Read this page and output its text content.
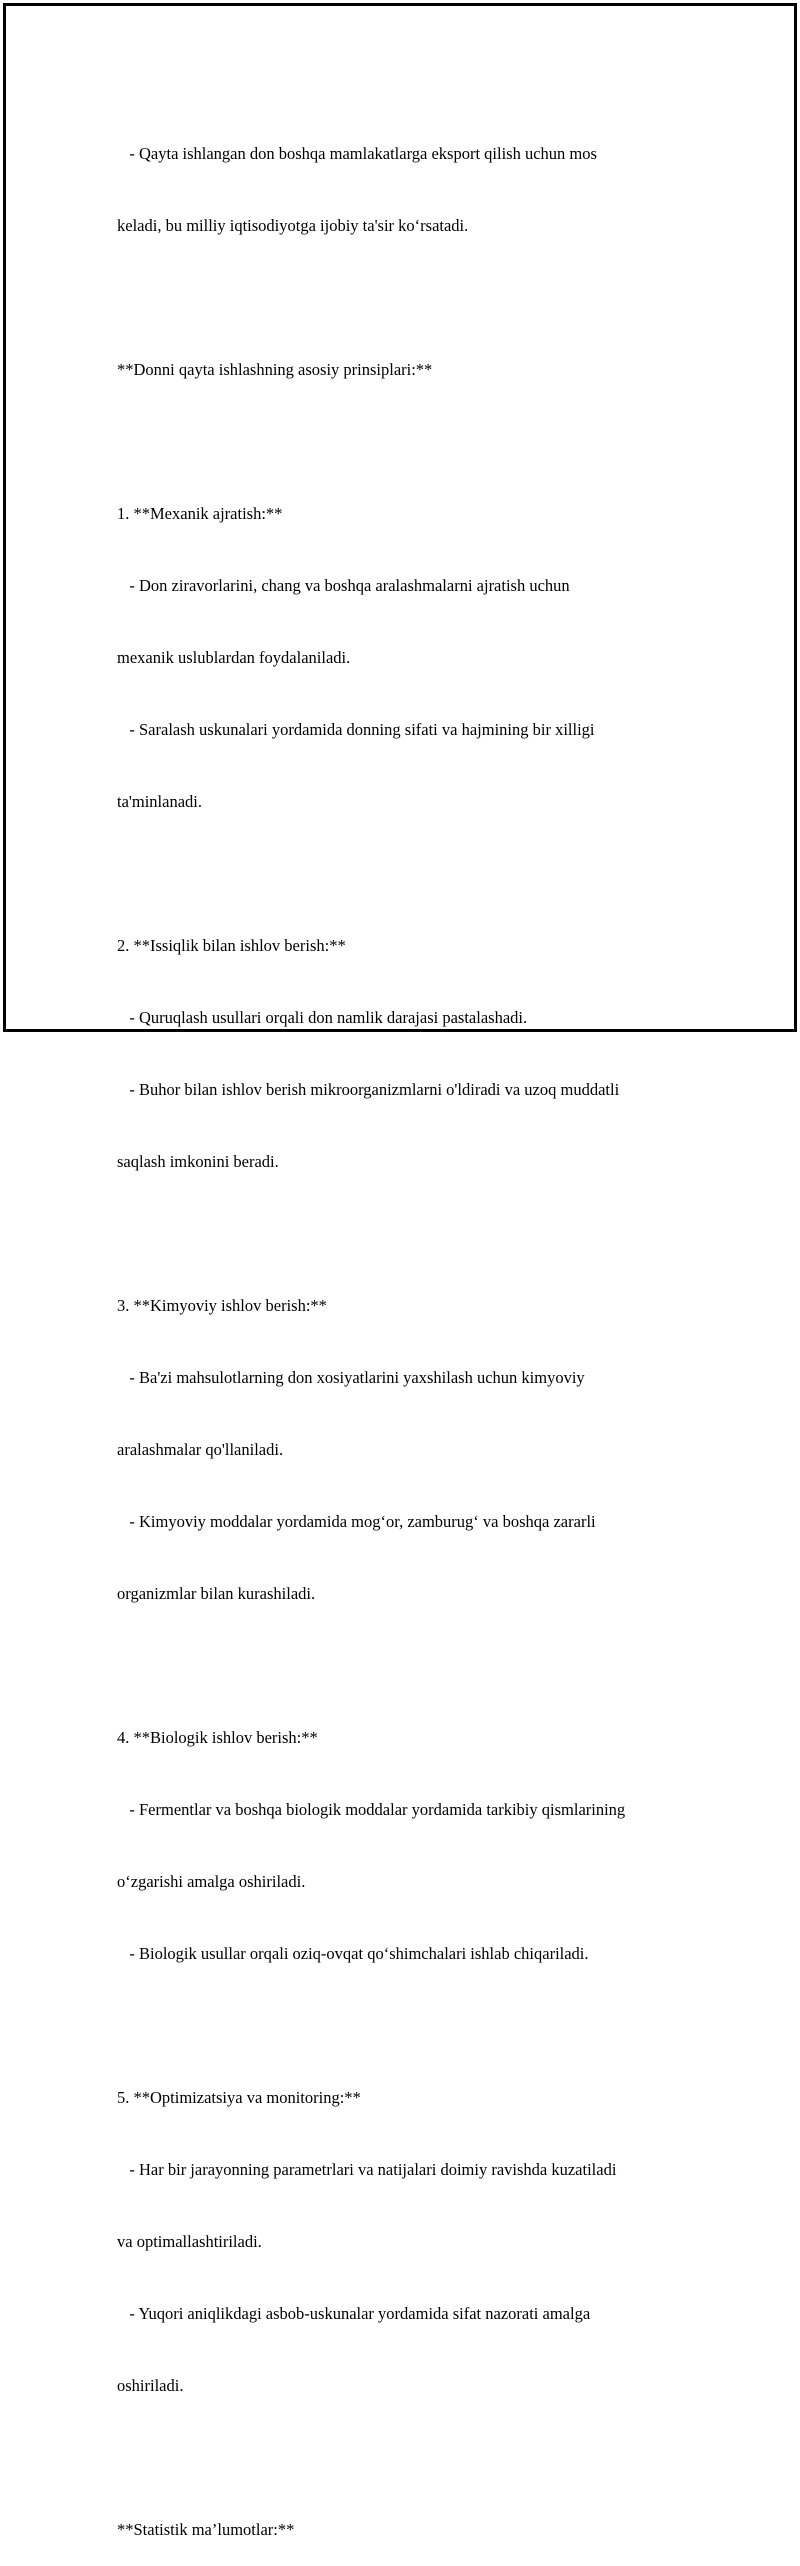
- Qayta ishlangan don boshqa mamlakatlarga eksport qilish uchun mos

keladi, bu milliy iqtisodiyotga ijobiy ta'sir ko‘rsatadi.

**Donni qayta ishlashning asosiy prinsiplari:**

1. **Mexanik ajratish:**

- Don ziravorlarini, chang va boshqa aralashmalarni ajratish uchun

mexanik uslublardan foydalaniladi.

- Saralash uskunalari yordamida donning sifati va hajmining bir xilligi

ta'minlanadi.

2. **Issiqlik bilan ishlov berish:**

- Quruqlash usullari orqali don namlik darajasi pastalashadi.

- Buhor bilan ishlov berish mikroorganizmlarni o'ldiradi va uzoq muddatli

saqlash imkonini beradi.

3. **Kimyoviy ishlov berish:**

- Ba'zi mahsulotlarning don xosiyatlarini yaxshilash uchun kimyoviy

aralashmalar qo'llaniladi.

- Kimyoviy moddalar yordamida mog‘or, zamburug‘ va boshqa zararli

organizmlar bilan kurashiladi.

4. **Biologik ishlov berish:**

- Fermentlar va boshqa biologik moddalar yordamida tarkibiy qismlarining

o‘zgarishi amalga oshiriladi.

- Biologik usullar orqali oziq-ovqat qo‘shimchalari ishlab chiqariladi.

5. **Optimizatsiya va monitoring:**

- Har bir jarayonning parametrlari va natijalari doimiy ravishda kuzatiladi

va optimallashtiriladi.

- Yuqori aniqlikdagi asbob-uskunalar yordamida sifat nazorati amalga

oshiriladi.

**Statistik ma’lumotlar:**
